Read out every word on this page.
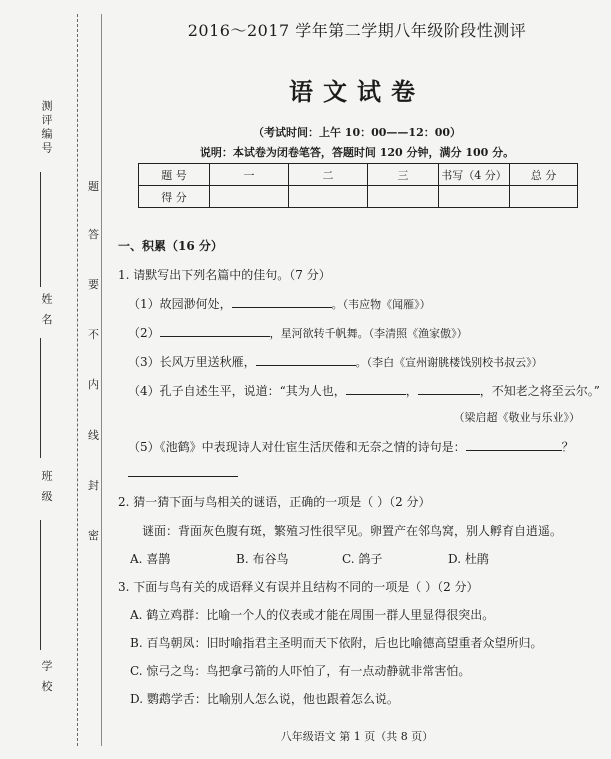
测评编号
姓 名
班 级
学 校
题
答
要
不
内
线
封
密
2016～2017 学年第二学期八年级阶段性测评
语文试卷
（考试时间：上午 10：00——12：00）
说明：本试卷为闭卷笔答，答题时间 120 分钟，满分 100 分。
题 号	一	二	三	书写（4 分）	总 分
得 分					
一、积累（16 分）
1. 请默写出下列名篇中的佳句。（7 分）
（1）故园渺何处，	。（韦应物《闻雁》）
（2）	，星河欲转千帆舞。（李清照《渔家傲》）
（3）长风万里送秋雁，	。（李白《宣州谢朓楼饯别校书叔云》）
（4）孔子自述生平，说道：“其为人也，	，	，不知老之将至云尔。”
（梁启超《敬业与乐业》）
（5）《池鹤》中表现诗人对仕宦生活厌倦和无奈之情的诗句是：	？
2. 猜一猜下面与鸟相关的谜语，正确的一项是（ ）（2 分）
谜面：背面灰色腹有斑，繁殖习性很罕见。卵置产在邻鸟窝，别人孵育自逍遥。
A. 喜鹊	B. 布谷鸟	C. 鸽子	D. 杜鹃
3. 下面与鸟有关的成语释义有误并且结构不同的一项是（ ）（2 分）
A. 鹤立鸡群：比喻一个人的仪表或才能在周围一群人里显得很突出。
B. 百鸟朝凤：旧时喻指君主圣明而天下依附，后也比喻德高望重者众望所归。
C. 惊弓之鸟：鸟把拿弓箭的人吓怕了，有一点动静就非常害怕。
D. 鹦鹉学舌：比喻别人怎么说，他也跟着怎么说。
八年级语文 第 1 页（共 8 页）
